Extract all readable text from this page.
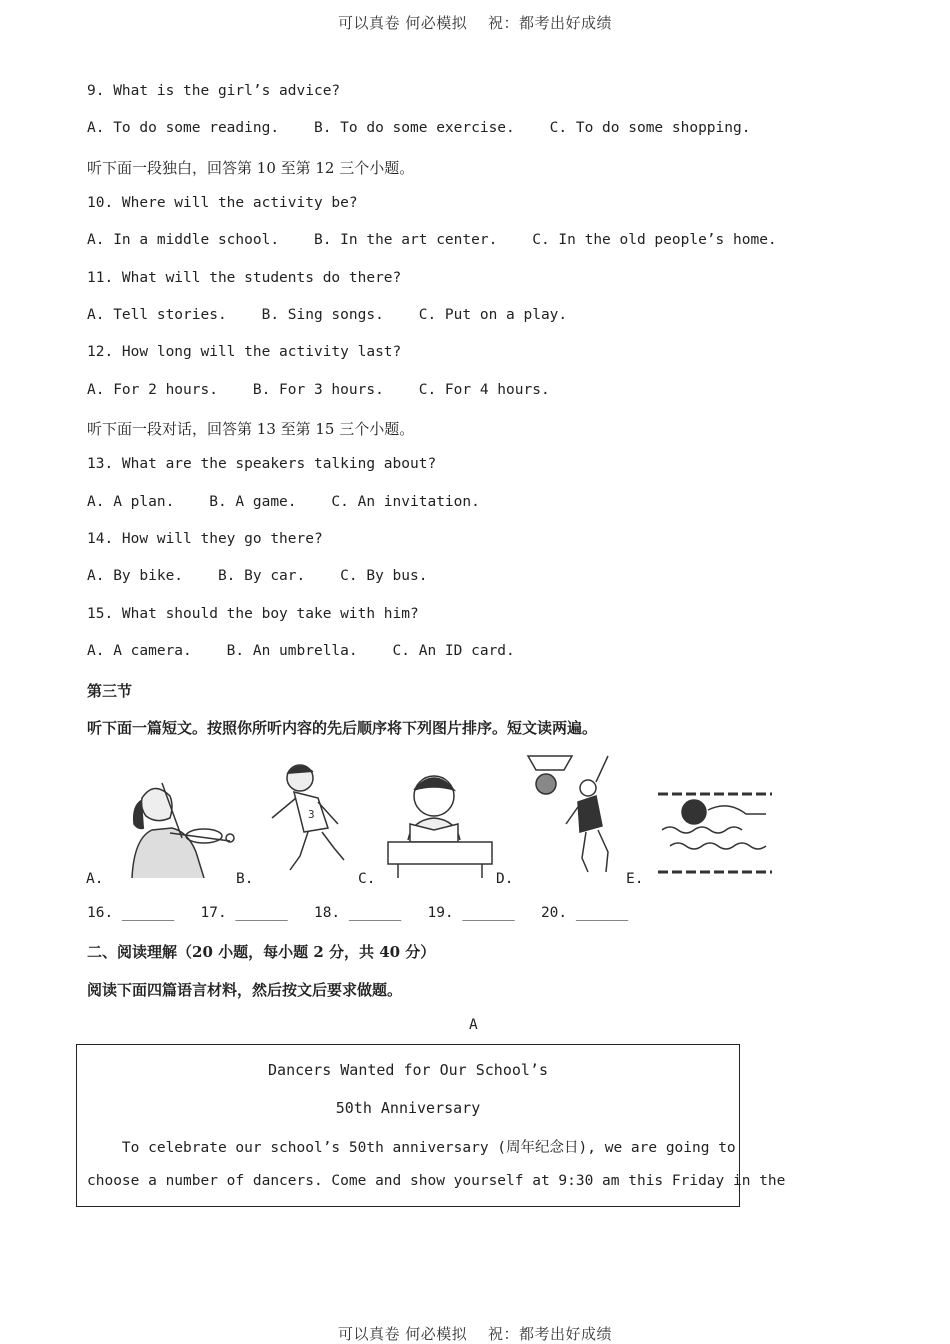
可以真卷 何必模拟　 祝：都考出好成绩
9. What is the girl’s advice?
A. To do some reading.    B. To do some exercise.    C. To do some shopping.
听下面一段独白，回答第 10 至第 12 三个小题。
10. Where will the activity be?
A. In a middle school.    B. In the art center.    C. In the old people’s home.
11. What will the students do there?
A. Tell stories.    B. Sing songs.    C. Put on a play.
12. How long will the activity last?
A. For 2 hours.    B. For 3 hours.    C. For 4 hours.
听下面一段对话，回答第 13 至第 15 三个小题。
13. What are the speakers talking about?
A. A plan.    B. A game.    C. An invitation.
14. How will they go there?
A. By bike.    B. By car.    C. By bus.
15. What should the boy take with him?
A. A camera.    B. An umbrella.    C. An ID card.
第三节
听下面一篇短文。按照你所听内容的先后顺序将下列图片排序。短文读两遍。
A.
3
B.	C.	D.	E.
16. ______   17. ______   18. ______   19. ______   20. ______
二、阅读理解（20 小题，每小题 2 分，共 40 分）
阅读下面四篇语言材料，然后按文后要求做题。
A
Dancers Wanted for Our School’s
50th Anniversary
To celebrate our school’s 50th anniversary (周年纪念日), we are going to
choose a number of dancers. Come and show yourself at 9:30 am this Friday in the
可以真卷 何必模拟　 祝：都考出好成绩
